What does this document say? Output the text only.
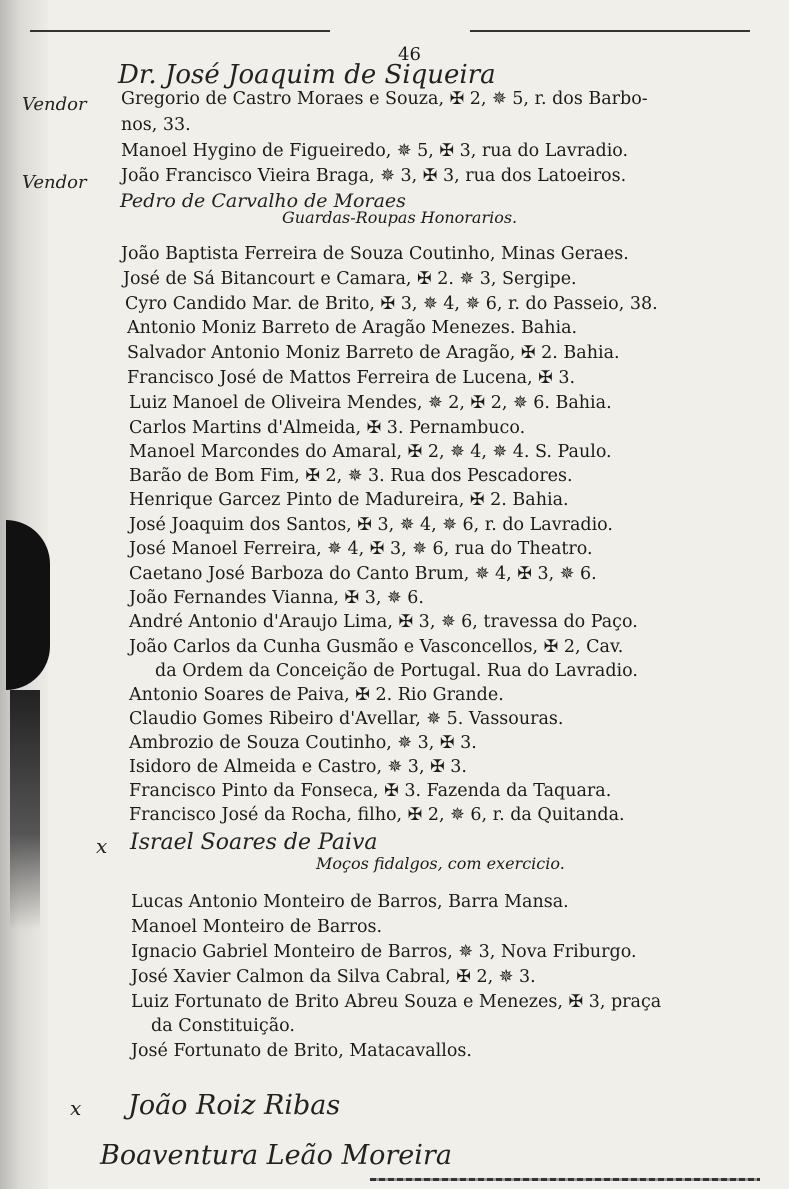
46
Dr. José Joaquim de Siqueira
Vendor
Vendor
Pedro de Carvalho de Moraes
x Israel Soares de Paiva
x João Roiz Ribas
Boaventura Leão Moreira
Gregorio de Castro Moraes e Souza, ✠ 2, ✵ 5, r. dos Barbo-
nos, 33.
Manoel Hygino de Figueiredo, ✵ 5, ✠ 3, rua do Lavradio.
João Francisco Vieira Braga, ✵ 3, ✠ 3, rua dos Latoeiros.
Guardas-Roupas Honorarios.
João Baptista Ferreira de Souza Coutinho, Minas Geraes.
José de Sá Bitancourt e Camara, ✠ 2. ✵ 3, Sergipe.
Cyro Candido Mar. de Brito, ✠ 3, ✵ 4, ✵ 6, r. do Passeio, 38.
Antonio Moniz Barreto de Aragão Menezes. Bahia.
Salvador Antonio Moniz Barreto de Aragão, ✠ 2. Bahia.
Francisco José de Mattos Ferreira de Lucena, ✠ 3.
Luiz Manoel de Oliveira Mendes, ✵ 2, ✠ 2, ✵ 6. Bahia.
Carlos Martins d'Almeida, ✠ 3. Pernambuco.
Manoel Marcondes do Amaral, ✠ 2, ✵ 4, ✵ 4. S. Paulo.
Barão de Bom Fim, ✠ 2, ✵ 3. Rua dos Pescadores.
Henrique Garcez Pinto de Madureira, ✠ 2. Bahia.
José Joaquim dos Santos, ✠ 3, ✵ 4, ✵ 6, r. do Lavradio.
José Manoel Ferreira, ✵ 4, ✠ 3, ✵ 6, rua do Theatro.
Caetano José Barboza do Canto Brum, ✵ 4, ✠ 3, ✵ 6.
João Fernandes Vianna, ✠ 3, ✵ 6.
André Antonio d'Araujo Lima, ✠ 3, ✵ 6, travessa do Paço.
João Carlos da Cunha Gusmão e Vasconcellos, ✠ 2, Cav.
da Ordem da Conceição de Portugal. Rua do Lavradio.
Antonio Soares de Paiva, ✠ 2. Rio Grande.
Claudio Gomes Ribeiro d'Avellar, ✵ 5. Vassouras.
Ambrozio de Souza Coutinho, ✵ 3, ✠ 3.
Isidoro de Almeida e Castro, ✵ 3, ✠ 3.
Francisco Pinto da Fonseca, ✠ 3. Fazenda da Taquara.
Francisco José da Rocha, filho, ✠ 2, ✵ 6, r. da Quitanda.
Moços fidalgos, com exercicio.
Lucas Antonio Monteiro de Barros, Barra Mansa.
Manoel Monteiro de Barros.
Ignacio Gabriel Monteiro de Barros, ✵ 3, Nova Friburgo.
José Xavier Calmon da Silva Cabral, ✠ 2, ✵ 3.
Luiz Fortunato de Brito Abreu Souza e Menezes, ✠ 3, praça
da Constituição.
José Fortunato de Brito, Matacavallos.
